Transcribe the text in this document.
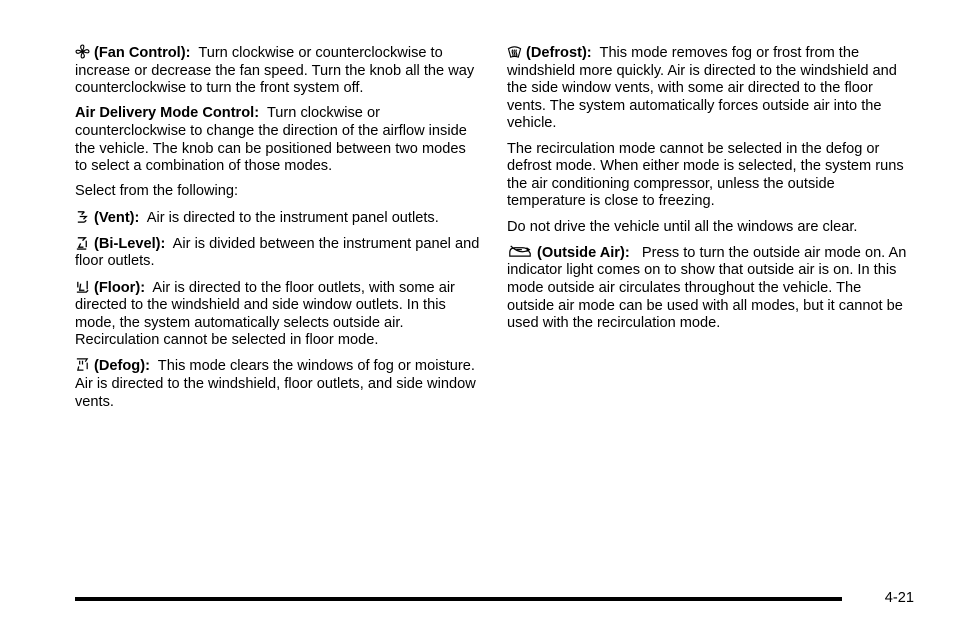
(Fan Control): Turn clockwise or counterclockwise to increase or decrease the fan speed. Turn the knob all the way counterclockwise to turn the front system off.

Air Delivery Mode Control: Turn clockwise or counterclockwise to change the direction of the airflow inside the vehicle. The knob can be positioned between two modes to select a combination of those modes.

Select from the following:

(Vent): Air is directed to the instrument panel outlets.

(Bi-Level): Air is divided between the instrument panel and floor outlets.

(Floor): Air is directed to the floor outlets, with some air directed to the windshield and side window outlets. In this mode, the system automatically selects outside air. Recirculation cannot be selected in floor mode.

(Defog): This mode clears the windows of fog or moisture. Air is directed to the windshield, floor outlets, and side window vents.

(Defrost): This mode removes fog or frost from the windshield more quickly. Air is directed to the windshield and the side window vents, with some air directed to the floor vents. The system automatically forces outside air into the vehicle.

The recirculation mode cannot be selected in the defog or defrost mode. When either mode is selected, the system runs the air conditioning compressor, unless the outside temperature is close to freezing.

Do not drive the vehicle until all the windows are clear.

(Outside Air): Press to turn the outside air mode on. An indicator light comes on to show that outside air is on. In this mode outside air circulates throughout the vehicle. The outside air mode can be used with all modes, but it cannot be used with the recirculation mode.

4-21
